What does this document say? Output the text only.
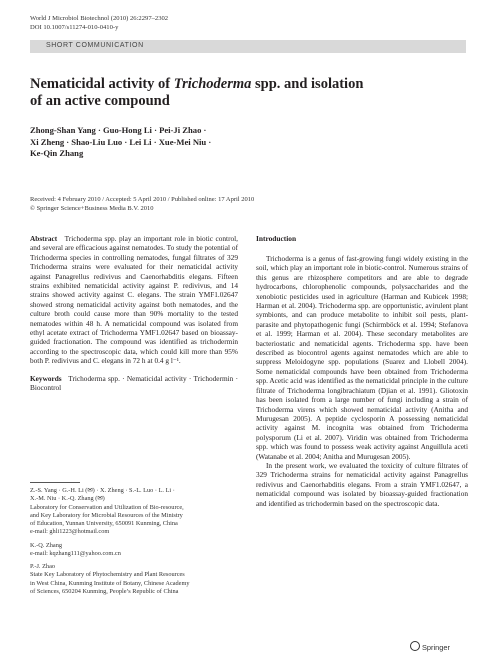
World J Microbiol Biotechnol (2010) 26:2297–2302
DOI 10.1007/s11274-010-0410-y
SHORT COMMUNICATION
Nematicidal activity of Trichoderma spp. and isolation
of an active compound
Zhong-Shan Yang · Guo-Hong Li · Pei-Ji Zhao ·
Xi Zheng · Shao-Liu Luo · Lei Li · Xue-Mei Niu ·
Ke-Qin Zhang
Received: 4 February 2010 / Accepted: 5 April 2010 / Published online: 17 April 2010
© Springer Science+Business Media B.V. 2010

Abstract Trichoderma spp. play an important role in biotic control, and several are efficacious against nematodes. To study the potential of Trichoderma species in controlling nematodes, fungal filtrates of 329 Trichoderma strains were evaluated for their nematicidal activity against Panagrellus redivivus and Caenorhabditis elegans. Fifteen strains exhibited nematicidal activity against P. redivivus, and 14 strains showed activity against C. elegans. The strain YMF1.02647 showed strong nematicidal activity against both nematodes, and the culture broth could cause more than 90% mortality to the tested nematodes within 48 h. A nematicidal compound was isolated from ethyl acetate extract of Trichoderma YMF1.02647 based on bioassay-guided fractionation. The compound was identified as trichodermin according to the spectroscopic data, which could kill more than 95% both P. redivivus and C. elegans in 72 h at 0.4 g l⁻¹.

Keywords Trichoderma spp. · Nematicidal activity · Trichodermin · Biocontrol

Z.-S. Yang · G.-H. Li (✉) · X. Zheng · S.-L. Luo · L. Li ·
X.-M. Niu · K.-Q. Zhang (✉)
Laboratory for Conservation and Utilization of Bio-resource,
and Key Laboratory for Microbial Resources of the Ministry
of Education, Yunnan University, 650091 Kunming, China
e-mail: ghli1223@hotmail.com
K.-Q. Zhang
e-mail: kqzhang111@yahoo.com.cn
P.-J. Zhao
State Key Laboratory of Phytochemistry and Plant Resources
in West China, Kunming Institute of Botany, Chinese Academy
of Sciences, 650204 Kunming, People’s Republic of China
Introduction

Trichoderma is a genus of fast-growing fungi widely existing in the soil, which play an important role in biotic-control. Numerous strains of this genus are rhizosphere competitors and are able to degrade hydrocarbons, chlorophenolic compounds, polysaccharides and the xenobiotic pesticides used in agriculture (Harman and Kubicek 1998; Harman et al. 2004). Trichoderma spp. are opportunistic, avirulent plant symbionts, and can produce metabolite to inhibit soil pests, plant-parasite and phytopathogenic fungi (Schirmböck et al. 1994; Stefanova et al. 1999; Harman et al. 2004). These secondary metabolites are bacteriostatic and nematicidal agents. Trichoderma spp. have been described as biocontrol agents against nematodes which are able to suppress Meloidogyne spp. populations (Suarez and Llobell 2004). Some nematicidal compounds have been obtained from Trichoderma spp. Acetic acid was identified as the nematicidal principle in the culture filtrate of Trichoderma longibrachiatum (Djian et al. 1991). Gliotoxin has been isolated from a large number of fungi including a strain of Trichoderma virens which showed nematicidal activity (Anitha and Murugesan 2005). A peptide cyclosporin A possessing nematicidal activity against M. incognita was obtained from Trichoderma polysporum (Li et al. 2007). Viridin was obtained from Trichoderma spp. which was found to possess weak activity against Anguillula aceti (Watanabe et al. 2004; Anitha and Murugesan 2005).

In the present work, we evaluated the toxicity of culture filtrates of 329 Trichoderma strains for nematicidal activity against Panagrellus redivivus and Caenorhabditis elegans. From a strain YMF1.02647, a nematicidal compound was isolated by bioassay-guided fractionation and identified as trichodermin based on the spectroscopic data.

Springer
